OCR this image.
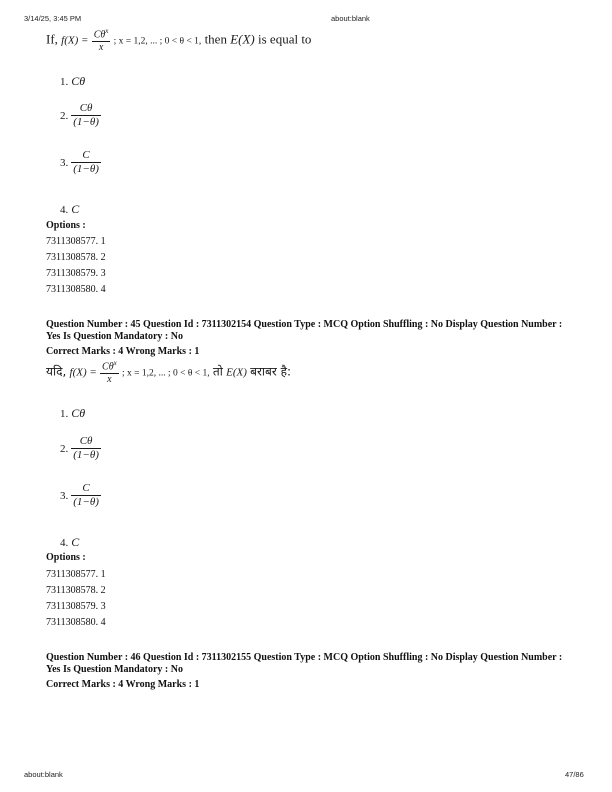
3/14/25, 3:45 PM	about:blank
If, $f(X) = \frac{C\theta^x}{x}$ ; x = 1,2, ... ; 0 < θ < 1, then E(X) is equal to
1. Cθ
2. $\frac{C\theta}{(1-\theta)}$
3. $\frac{C}{(1-\theta)}$
4. C
Options :
7311308577. 1
7311308578. 2
7311308579. 3
7311308580. 4
Question Number : 45 Question Id : 7311302154 Question Type : MCQ Option Shuffling : No Display Question Number : Yes Is Question Mandatory : No
Correct Marks : 4 Wrong Marks : 1
यदि, $f(X) = \frac{C\theta^x}{x}$ ; x = 1,2, ... ; 0 < θ < 1, तो E(X) बराबर है:
1. Cθ
2. $\frac{C\theta}{(1-\theta)}$
3. $\frac{C}{(1-\theta)}$
4. C
Options :
7311308577. 1
7311308578. 2
7311308579. 3
7311308580. 4
Question Number : 46 Question Id : 7311302155 Question Type : MCQ Option Shuffling : No Display Question Number : Yes Is Question Mandatory : No
Correct Marks : 4 Wrong Marks : 1
about:blank	47/86
